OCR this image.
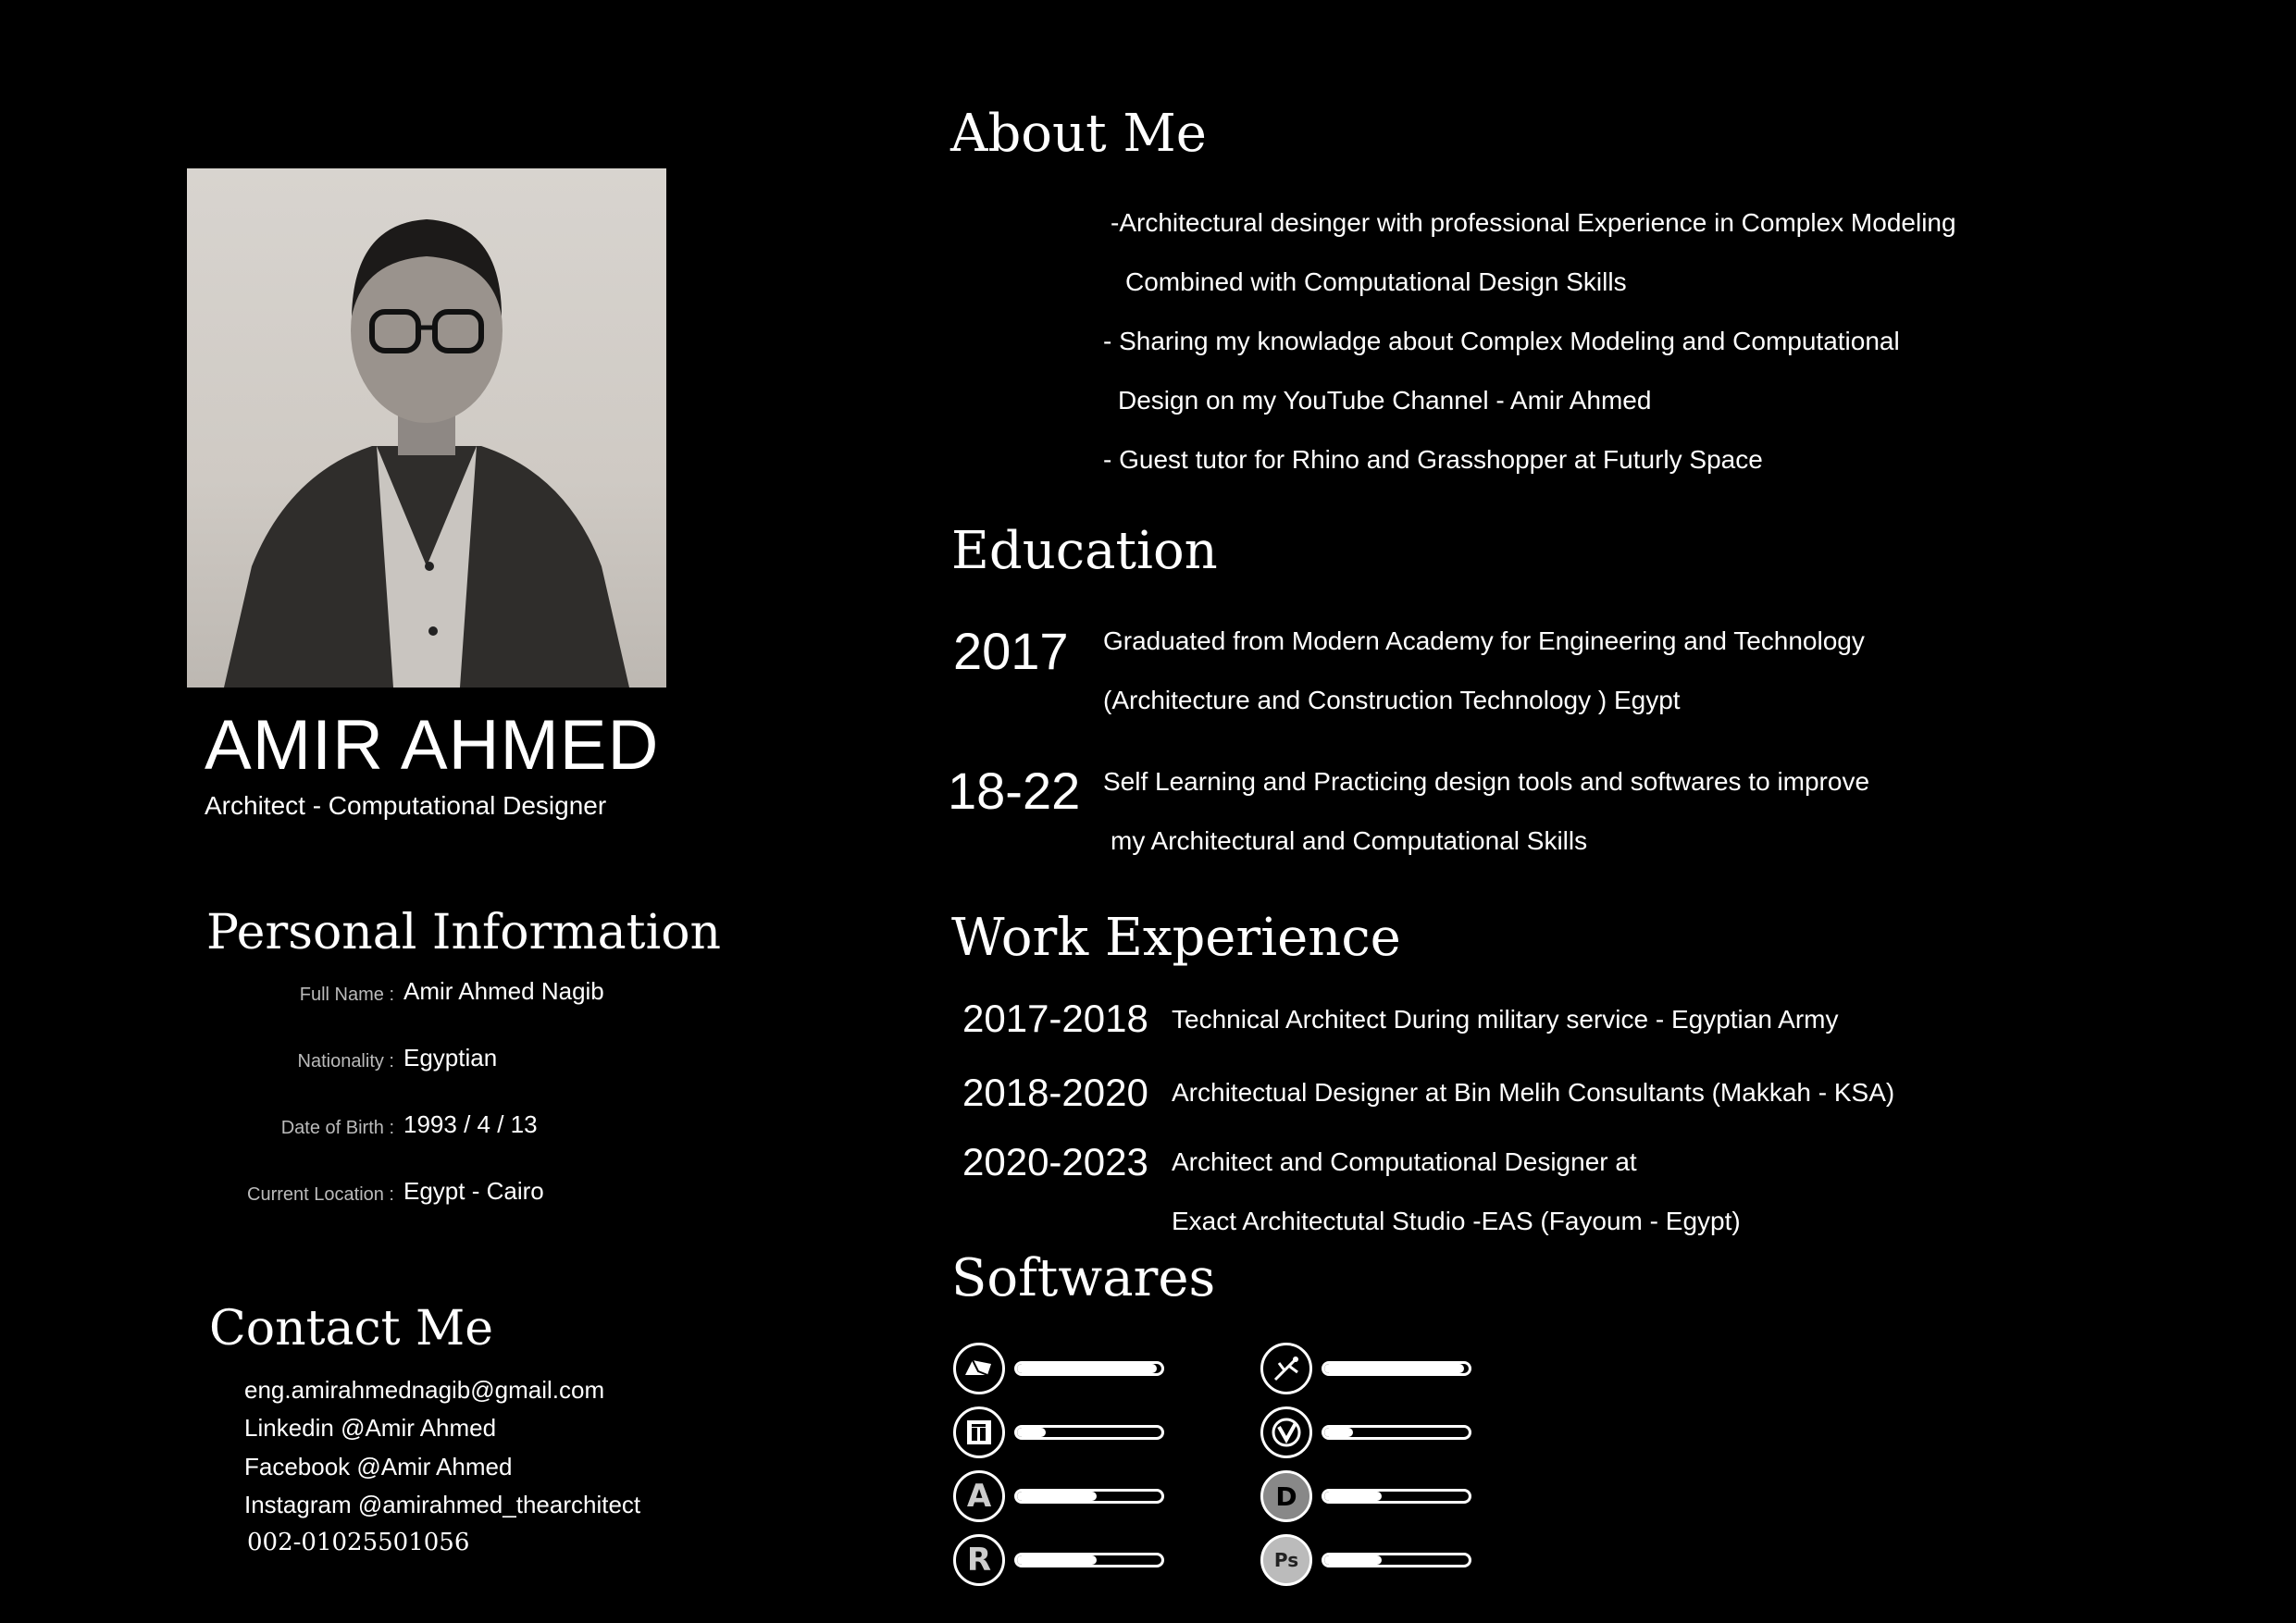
AMIR AHMED
Architect - Computational Designer
Personal Information
Full Name : Amir Ahmed Nagib
Nationality : Egyptian
Date of Birth : 1993 / 4 / 13
Current Location : Egypt - Cairo
Contact Me
eng.amirahmednagib@gmail.com
Linkedin @Amir Ahmed
Facebook @Amir Ahmed
Instagram @amirahmed_thearchitect
002-01025501056
About Me
-Architectural desinger with professional Experience in Complex Modeling
Combined with Computational Design Skills
- Sharing my knowladge about Complex Modeling and Computational
Design on my YouTube Channel - Amir Ahmed
- Guest tutor for Rhino and Grasshopper at Futurly Space
Education
2017 Graduated from Modern Academy for Engineering and Technology
(Architecture and Construction Technology ) Egypt
18-22 Self Learning and Practicing design tools and softwares to improve
my Architectural and Computational Skills
Work Experience
2017-2018 Technical Architect During military service - Egyptian Army
2018-2020 Architectual Designer at Bin Melih Consultants (Makkah - KSA)
2020-2023 Architect and Computational Designer at
Exact Architectutal Studio -EAS (Fayoum - Egypt)
Softwares
A	D
R	Ps
